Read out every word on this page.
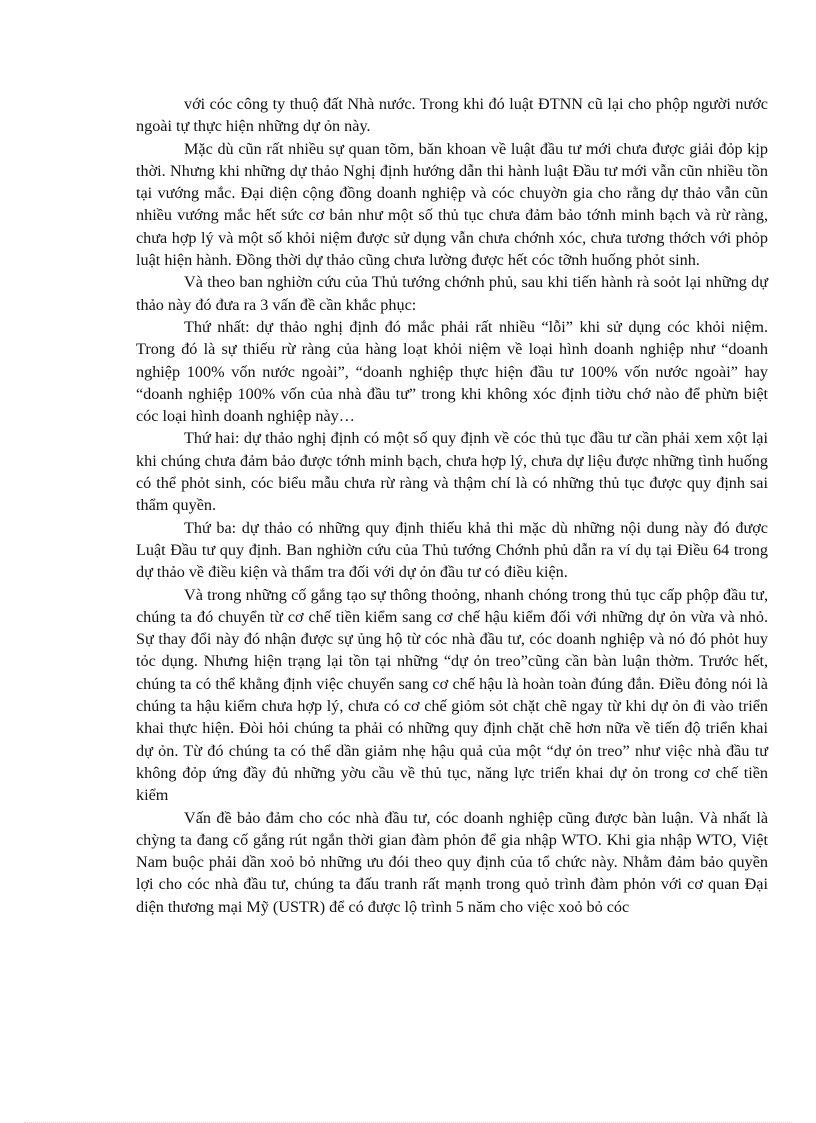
với cóc công ty thuộ đất Nhà nước. Trong khi đó luật ĐTNN cũ lại cho phộp người nước ngoài tự thực hiện những dự ỏn này.

Mặc dù cũn rất nhiều sự quan tõm, băn khoan về luật đầu tư mới chưa được giải đỏp kịp thời. Nhưng khi những dự thảo Nghị định hướng dẫn thi hành luật Đầu tư mới vẫn cũn nhiều tồn tại vướng mắc. Đại diện cộng đồng doanh nghiệp và cóc chuyờn gia cho rằng dự thảo vẫn cũn nhiều vướng mắc hết sức cơ bản như một số thủ tục chưa đảm bảo tớnh minh bạch và rừ ràng, chưa hợp lý và một số khỏi niệm được sử dụng vẫn chưa chớnh xóc, chưa tương thớch với phỏp luật hiện hành. Đồng thời dự thảo cũng chưa lường được hết cóc tỡnh huống phỏt sinh.

Và theo ban nghiờn cứu của Thủ tướng chớnh phủ, sau khi tiến hành rà soỏt lại những dự thảo này đó đưa ra 3 vấn đề cần khắc phục:

Thứ nhất: dự thảo nghị định đó mắc phải rất nhiều “lỗi” khi sử dụng cóc khỏi niệm. Trong đó là sự thiếu rừ ràng của hàng loạt khỏi niệm về loại hình doanh nghiệp như “doanh nghiệp 100% vốn nước ngoài”, “doanh nghiệp thực hiện đầu tư 100% vốn nước ngoài” hay “doanh nghiệp 100% vốn của nhà đầu tư” trong khi không xóc định tiờu chớ nào để phừn biệt cóc loại hình doanh nghiệp này…

Thứ hai: dự thảo nghị định có một số quy định về cóc thủ tục đầu tư cần phải xem xột lại khi chúng chưa đảm bảo được tớnh minh bạch, chưa hợp lý, chưa dự liệu được những tình huống có thể phỏt sinh, cóc biểu mẫu chưa rừ ràng và thậm chí là có những thủ tục được quy định sai thẩm quyền.

Thứ ba: dự thảo có những quy định thiếu khả thi mặc dù những nội dung này đó được Luật Đầu tư quy định. Ban nghiờn cứu của Thủ tướng Chớnh phủ dẫn ra ví dụ tại Điều 64 trong dự thảo về điều kiện và thẩm tra đối với dự ỏn đầu tư có điều kiện.

Và trong những cố gắng tạo sự thông thoỏng, nhanh chóng trong thủ tục cấp phộp đầu tư, chúng ta đó chuyển từ cơ chế tiền kiểm sang cơ chế hậu kiểm đối với những dự ỏn vừa và nhỏ. Sự thay đổi này đó nhận được sự ủng hộ từ cóc nhà đầu tư, cóc doanh nghiệp và nó đó phỏt huy tỏc dụng. Nhưng hiện trạng lại tồn tại những “dự ỏn treo”cũng cần bàn luận thờm. Trước hết, chúng ta có thể khẳng định việc chuyển sang cơ chế hậu là hoàn toàn đúng đắn. Điều đỏng nói là chúng ta hậu kiểm chưa hợp lý, chưa có cơ chế giỏm sỏt chặt chẽ ngay từ khi dự ỏn đi vào triển khai thực hiện. Đòi hỏi chúng ta phải có những quy định chặt chẽ hơn nữa về tiến độ triển khai dự ỏn. Từ đó chúng ta có thể dần giảm nhẹ hậu quả của một “dự ỏn treo” như việc nhà đầu tư không đỏp ứng đầy đủ những yờu cầu về thủ tục, năng lực triển khai dự ỏn trong cơ chế tiền kiểm

Vấn đề bảo đảm cho cóc nhà đầu tư, cóc doanh nghiệp cũng được bàn luận. Và nhất là chỳng ta đang cố gắng rút ngắn thời gian đàm phỏn để gia nhập WTO. Khi gia nhập WTO, Việt Nam buộc phải dần xoỏ bỏ những ưu đói theo quy định của tổ chức này. Nhằm đảm bảo quyền lợi cho cóc nhà đầu tư, chúng ta đấu tranh rất mạnh trong quỏ trình đàm phỏn với cơ quan Đại diện thương mại Mỹ (USTR) để có được lộ trình 5 năm cho việc xoỏ bỏ cóc
